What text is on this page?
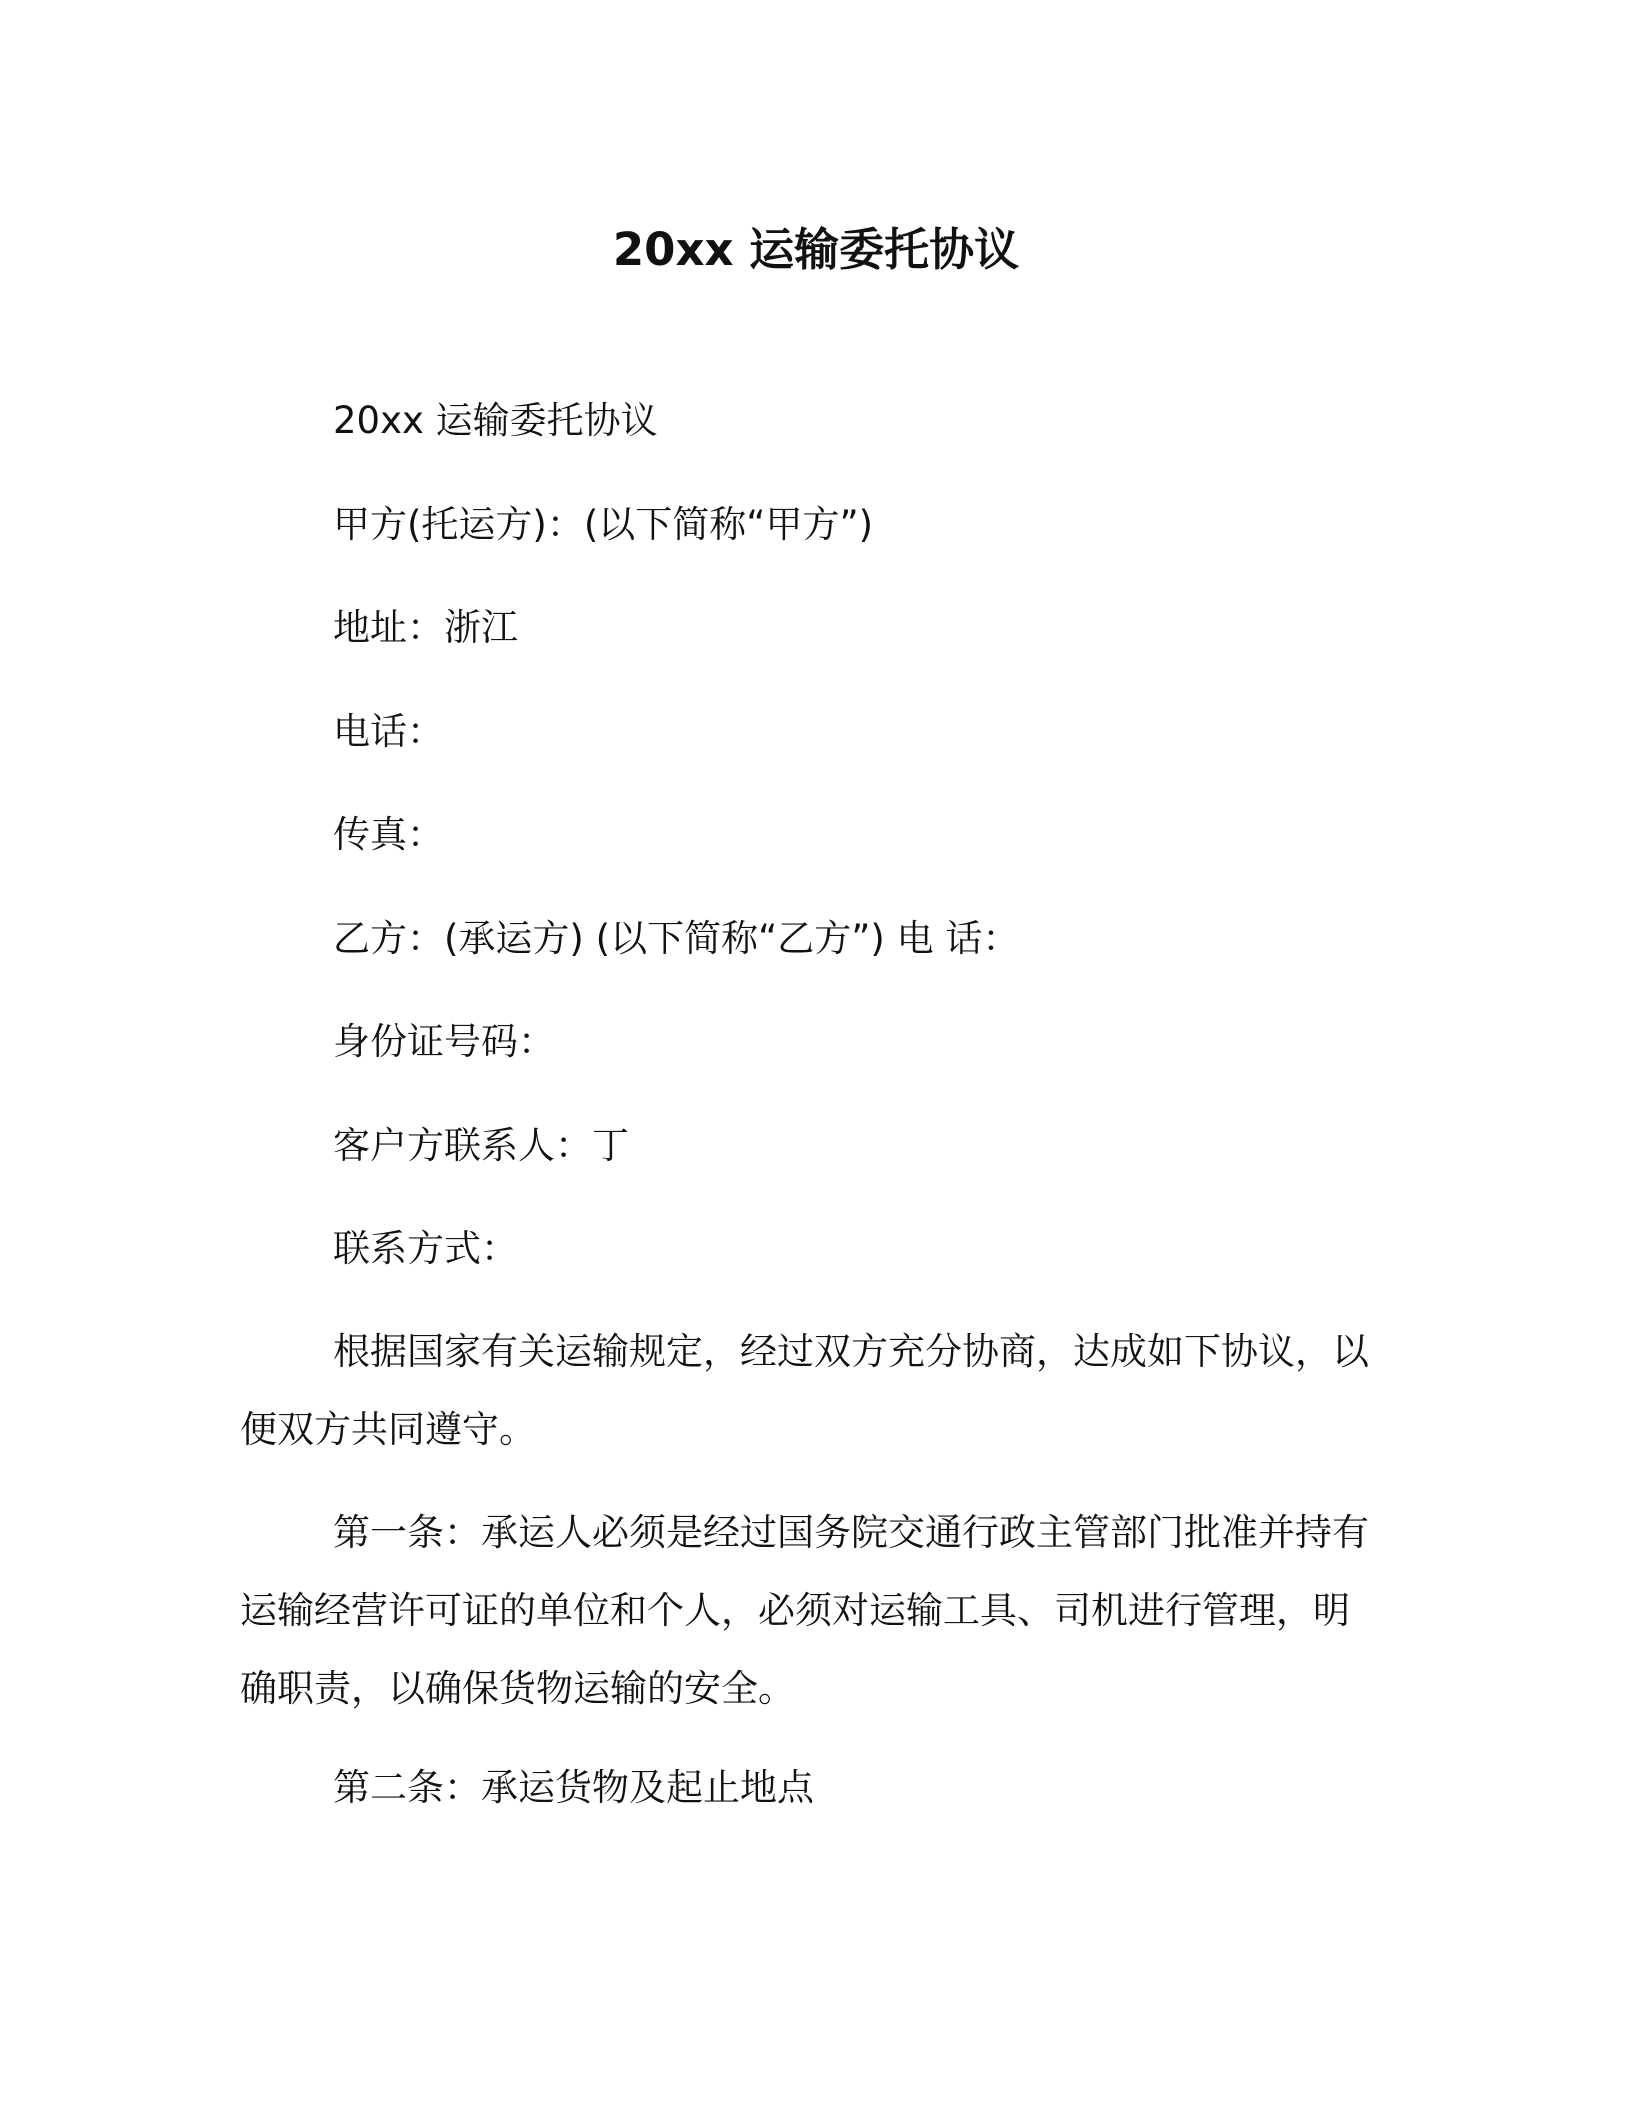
20xx 运输委托协议
20xx 运输委托协议
甲方(托运方)：(以下简称“甲方”)
地址：浙江
电话：
传真：
乙方：(承运方) (以下简称“乙方”) 电 话：
身份证号码：
客户方联系人：丁
联系方式：
根据国家有关运输规定，经过双方充分协商，达成如下协议，以
便双方共同遵守。
第一条：承运人必须是经过国务院交通行政主管部门批准并持有
运输经营许可证的单位和个人，必须对运输工具、司机进行管理，明
确职责，以确保货物运输的安全。
第二条：承运货物及起止地点
